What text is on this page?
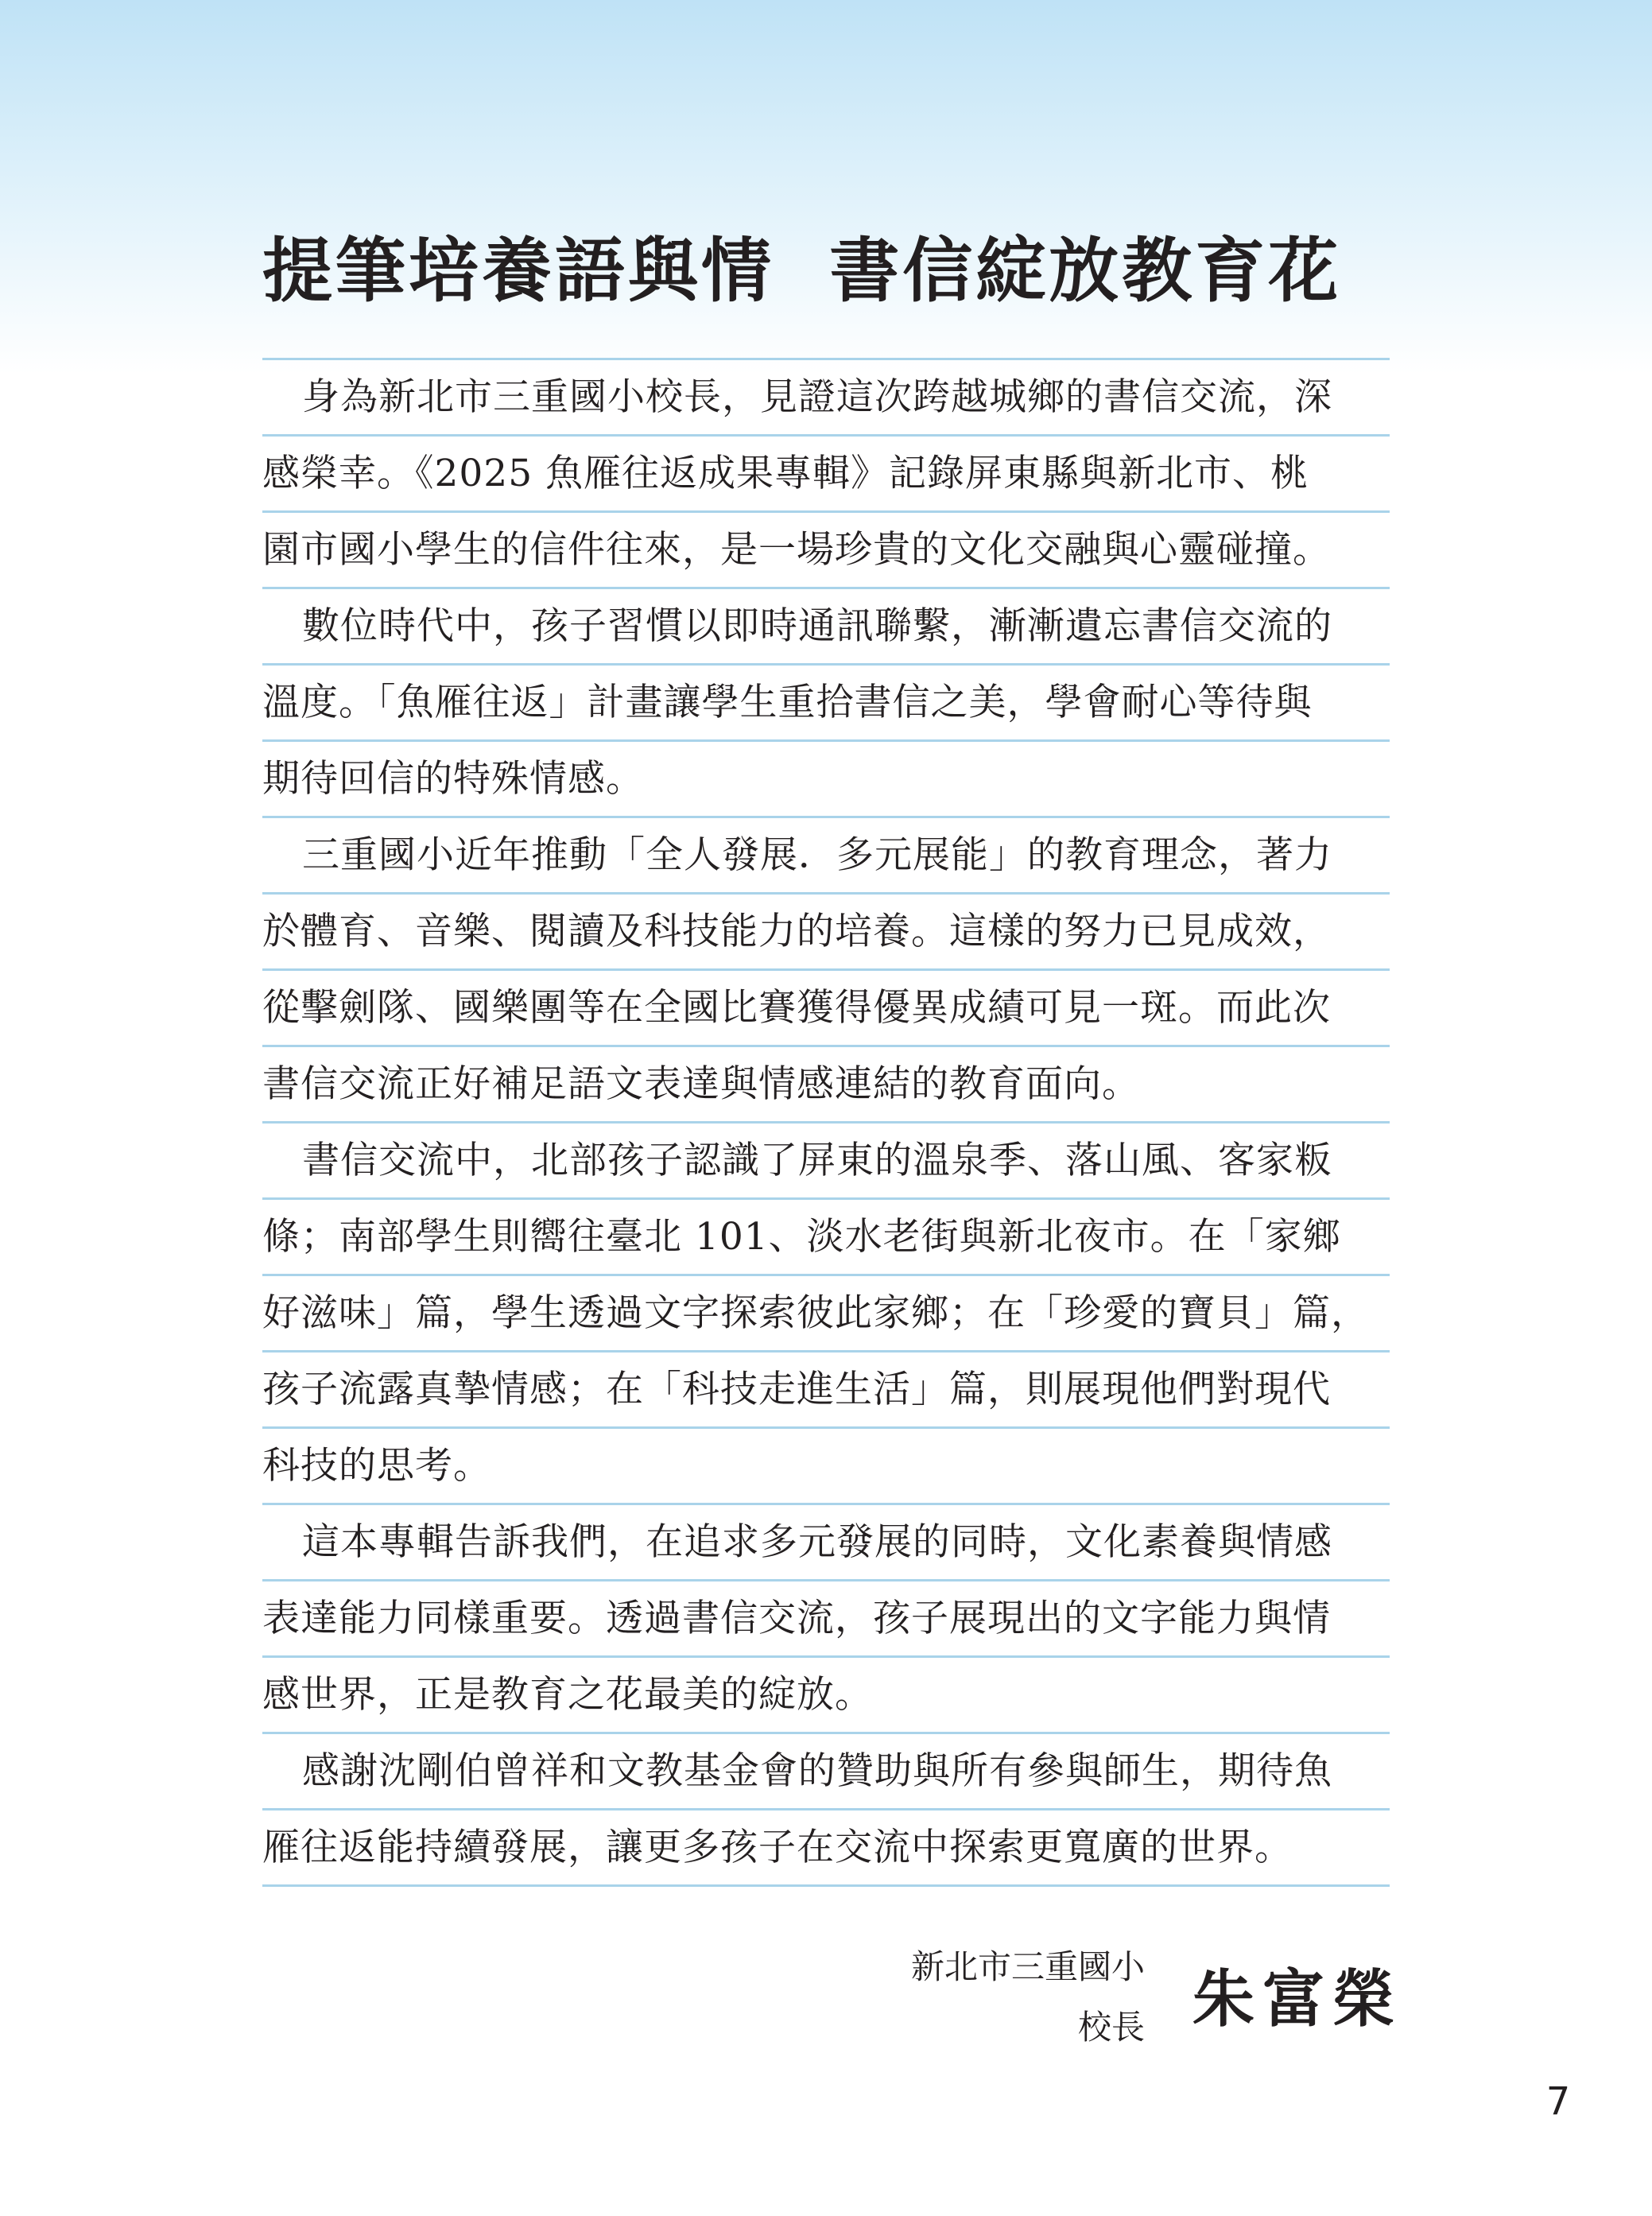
提筆培養語與情  書信綻放教育花
身為新北市三重國小校長，見證這次跨越城鄉的書信交流，深
感榮幸。《2025 魚雁往返成果專輯》記錄屏東縣與新北市、桃
園市國小學生的信件往來，是一場珍貴的文化交融與心靈碰撞。
數位時代中，孩子習慣以即時通訊聯繫，漸漸遺忘書信交流的
溫度。「魚雁往返」計畫讓學生重拾書信之美，學會耐心等待與
期待回信的特殊情感。
三重國小近年推動「全人發展．多元展能」的教育理念，著力
於體育、音樂、閱讀及科技能力的培養。這樣的努力已見成效，
從擊劍隊、國樂團等在全國比賽獲得優異成績可見一斑。而此次
書信交流正好補足語文表達與情感連結的教育面向。
書信交流中，北部孩子認識了屏東的溫泉季、落山風、客家粄
條；南部學生則嚮往臺北 101、淡水老街與新北夜市。在「家鄉
好滋味」篇，學生透過文字探索彼此家鄉；在「珍愛的寶貝」篇，
孩子流露真摯情感；在「科技走進生活」篇，則展現他們對現代
科技的思考。
這本專輯告訴我們，在追求多元發展的同時，文化素養與情感
表達能力同樣重要。透過書信交流，孩子展現出的文字能力與情
感世界，正是教育之花最美的綻放。
感謝沈剛伯曾祥和文教基金會的贊助與所有參與師生，期待魚
雁往返能持續發展，讓更多孩子在交流中探索更寬廣的世界。
新北市三重國小
校長 朱富榮
7
